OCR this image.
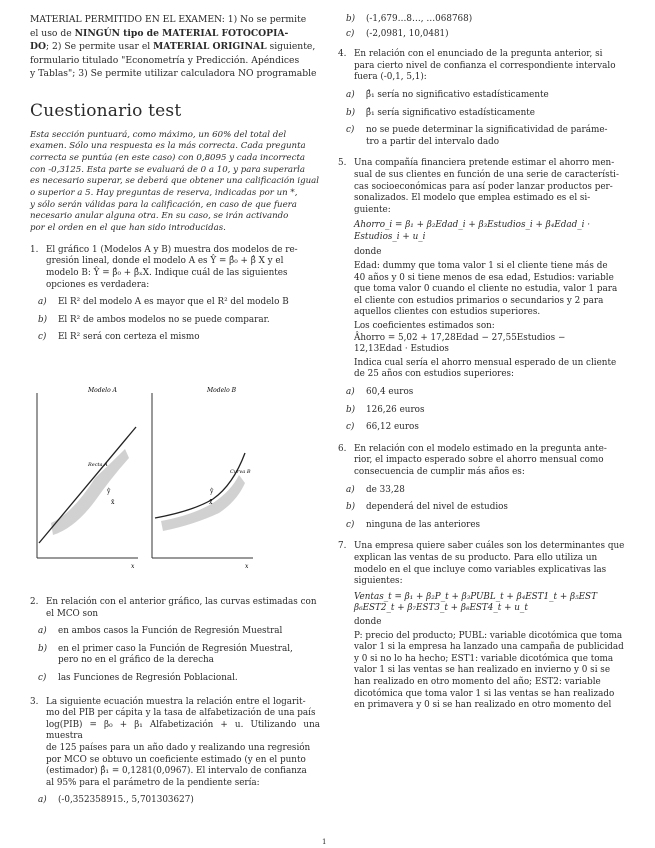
MATERIAL PERMITIDO EN EL EXAMEN: 1) No se permite
el uso de NINGÚN tipo de MATERIAL FOTOCOPIA-
DO; 2) Se permite usar el MATERIAL ORIGINAL siguiente,
formulario titulado "Econometría y Predicción. Apéndices
y Tablas"; 3) Se permite utilizar calculadora NO programable
Cuestionario test
Esta sección puntuará, como máximo, un 60% del total del
examen. Sólo una respuesta es la más correcta. Cada pregunta
correcta se puntúa (en este caso) con 0,8095 y cada incorrecta
con -0,3125. Esta parte se evaluará de 0 a 10, y para superarla
es necesario superar, se deberá que obtener una calificación igual
o superior a 5. Hay preguntas de reserva, indicadas por un *,
y sólo serán válidas para la calificación, en caso de que fuera
necesario anular alguna otra. En su caso, se irán activando
por el orden en el que han sido introducidas.
1. El gráfico 1 (Modelos A y B) muestra dos modelos de re-
gresión lineal, donde el modelo A es Ŷ = β̂₀ + β̂ X y el
modelo B: Ŷ = β̂₀ + β̂ₓX. Indique cuál de las siguientes
opciones es verdadera:
a) El R² del modelo A es mayor que el R² del modelo B
b) El R² de ambos modelos no se puede comparar.
c) El R² será con certeza el mismo
Modelo A
Recta A
ŷ
x̄
x
Modelo B
Curva B
ŷ
x̄
x
2. En relación con el anterior gráfico, las curvas estimadas con
el MCO son
a) en ambos casos la Función de Regresión Muestral
b) en el primer caso la Función de Regresión Muestral,
pero no en el gráfico de la derecha
c) las Funciones de Regresión Poblacional.
3. La siguiente ecuación muestra la relación entre el logarit-
mo del PIB per cápita y la tasa de alfabetización de una país
log(PIB) = β₀ + β₁ Alfabetización + u. Utilizando una muestra
de 125 países para un año dado y realizando una regresión
por MCO se obtuvo un coeficiente estimado (y en el punto
(estimador) β̂₁ = 0,1281(0,0967). El intervalo de confianza
al 95% para el parámetro de la pendiente sería:
a) (-0,352358915., 5,701303627)
b) (-1,679…8…, …068768)
c) (-2,0981, 10,0481)
4. En relación con el enunciado de la pregunta anterior, si
para cierto nivel de confianza el correspondiente intervalo
fuera (-0,1, 5,1):
a) β̂₁ sería no significativo estadísticamente
b) β̂₁ sería significativo estadísticamente
c) no se puede determinar la significatividad de paráme-
tro a partir del intervalo dado
5. Una compañía financiera pretende estimar el ahorro men-
sual de sus clientes en función de una serie de característi-
cas socioeconómicas para así poder lanzar productos per-
sonalizados. El modelo que emplea estimado es el si-
guiente:
Ahorro_i = β₁ + β₂Edad_i + β₃Estudios_i + β₄Edad_i ·
Estudios_i + u_i
donde
Edad: dummy que toma valor 1 si el cliente tiene más de
40 años y 0 si tiene menos de esa edad, Estudios: variable
que toma valor 0 cuando el cliente no estudia, valor 1 para
el cliente con estudios primarios o secundarios y 2 para
aquellos clientes con estudios superiores.
Los coeficientes estimados son:
Âhorro = 5,02 + 17,28Edad − 27,55Estudios −
12,13Edad · Estudios
Indica cual sería el ahorro mensual esperado de un cliente
de 25 años con estudios superiores:
a) 60,4 euros
b) 126,26 euros
c) 66,12 euros
6. En relación con el modelo estimado en la pregunta ante-
rior, el impacto esperado sobre el ahorro mensual como
consecuencia de cumplir más años es:
a) de 33,28
b) dependerá del nivel de estudios
c) ninguna de las anteriores
7. Una empresa quiere saber cuáles son los determinantes que
explican las ventas de su producto. Para ello utiliza un
modelo en el que incluye como variables explicativas las
siguientes:
Ventas_t = β₁ + β₂P_t + β₃PUBL_t + β₄EST1_t + β₅EST
β₆EST2_t + β₇EST3_t + β₈EST4_t + u_t
donde
P: precio del producto; PUBL: variable dicotómica que toma
valor 1 si la empresa ha lanzado una campaña de publicidad
y 0 si no lo ha hecho; EST1: variable dicotómica que toma
valor 1 si las ventas se han realizado en invierno y 0 si se
han realizado en otro momento del año; EST2: variable
dicotómica que toma valor 1 si las ventas se han realizado
en primavera y 0 si se han realizado en otro momento del
1
